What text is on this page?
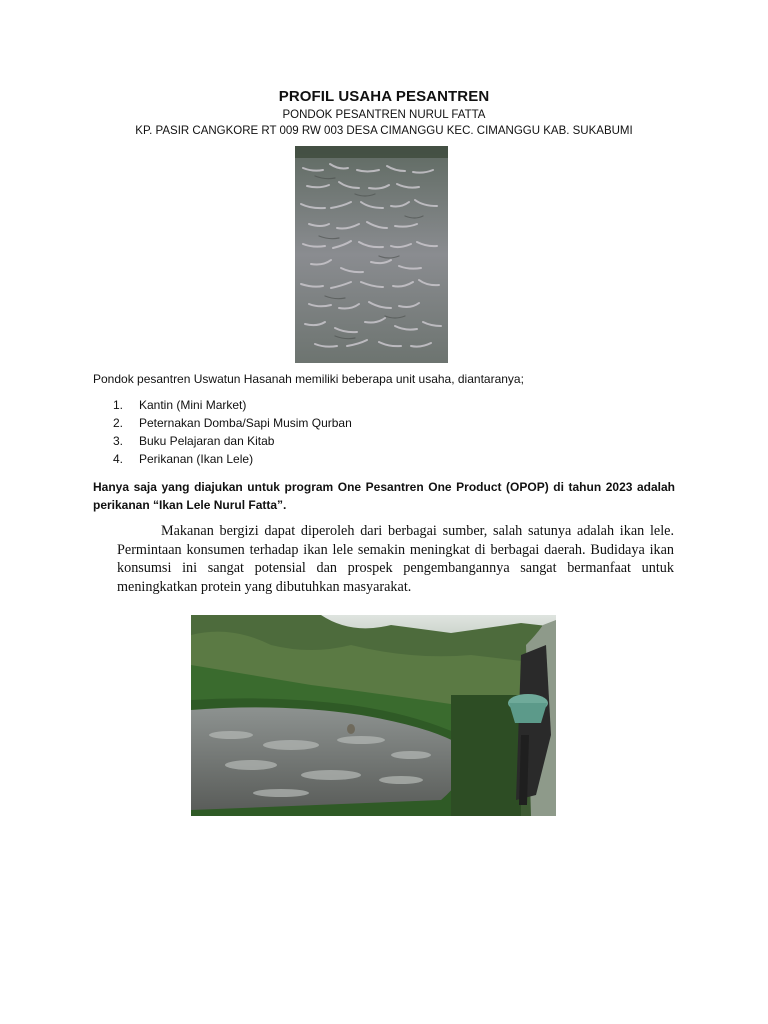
PROFIL USAHA PESANTREN
PONDOK PESANTREN NURUL FATTA
KP. PASIR CANGKORE RT 009 RW 003 DESA CIMANGGU KEC. CIMANGGU KAB. SUKABUMI
Pondok pesantren Uswatun Hasanah memiliki beberapa unit usaha, diantaranya;
1.	Kantin (Mini Market)
2.	Peternakan Domba/Sapi Musim Qurban
3.	Buku Pelajaran dan Kitab
4.	Perikanan (Ikan Lele)
Hanya saja yang diajukan untuk program One Pesantren One Product (OPOP) di tahun 2023 adalah perikanan “Ikan Lele Nurul Fatta”.
Makanan bergizi dapat diperoleh dari berbagai sumber, salah satunya adalah ikan lele. Permintaan konsumen terhadap ikan lele semakin meningkat di berbagai daerah. Budidaya ikan konsumsi ini sangat potensial dan prospek pengembangannya sangat bermanfaat untuk meningkatkan protein yang dibutuhkan masyarakat.
